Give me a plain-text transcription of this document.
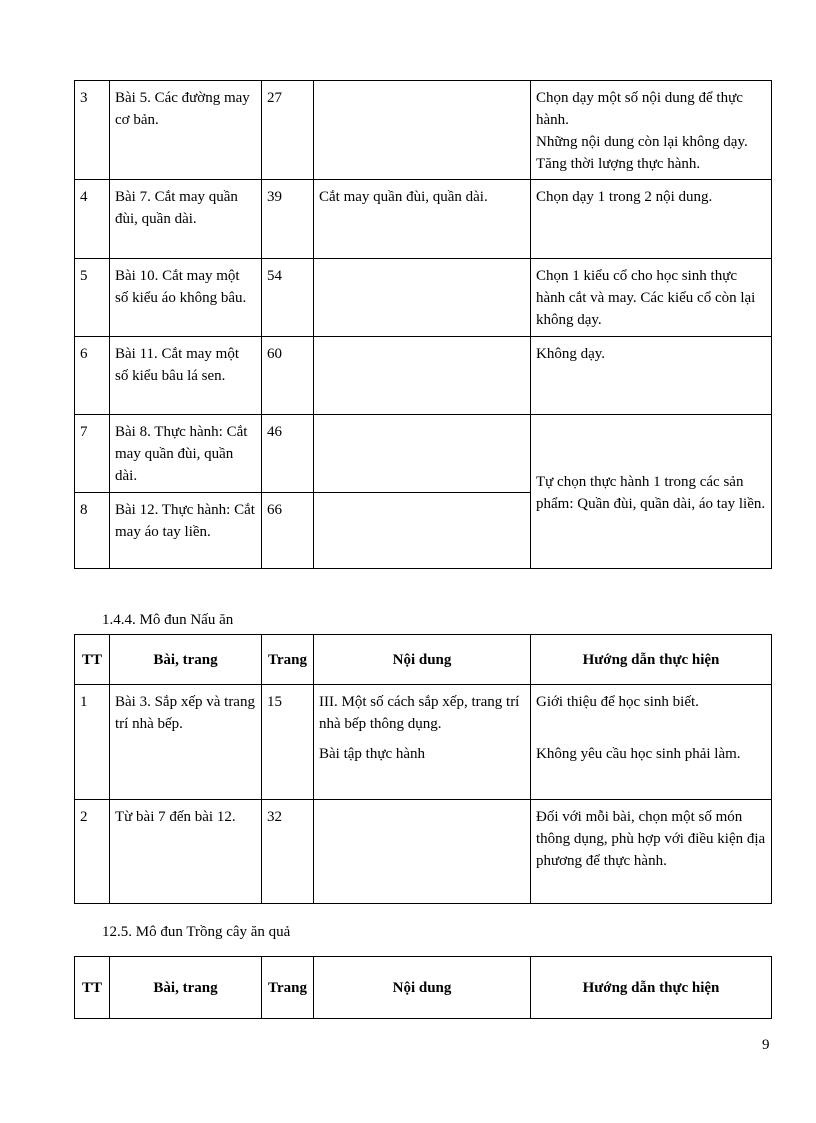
3	Bài 5. Các đường may cơ bản.	27		Chọn dạy một số nội dung để thực hành.
Những nội dung còn lại không dạy.
Tăng thời lượng thực hành.

4	Bài 7. Cắt may quần đùi, quần dài.	39	Cắt may quần đùi, quần dài.	Chọn dạy 1 trong 2 nội dung.
5	Bài 10. Cắt may một số kiểu áo không bâu.	54		Chọn 1 kiểu cổ cho học sinh thực hành cắt và may. Các kiểu cổ còn lại không dạy.
6	Bài 11. Cắt may một số kiểu bâu lá sen.	60		Không dạy.
7	Bài 8. Thực hành: Cắt may quần đùi, quần dài.	46		Tự chọn thực hành 1 trong các sản phẩm: Quần đùi, quần dài, áo tay liền.
8	Bài 12. Thực hành: Cắt may áo tay liền.	66		
1.4.4. Mô đun Nấu ăn
TT	Bài, trang	Trang	Nội dung	Hướng dẫn thực hiện
1	Bài 3. Sắp xếp và trang trí nhà bếp.	15	III. Một số cách sắp xếp, trang trí nhà bếp thông dụng.
Bài tập thực hành	Giới thiệu để học sinh biết.
Không yêu cầu học sinh phải làm.

2	Từ bài 7 đến bài 12.	32		Đối với mỗi bài, chọn một số món thông dụng, phù hợp với điều kiện địa phương để thực hành.
12.5. Mô đun Trồng cây ăn quả
TT	Bài, trang	Trang	Nội dung	Hướng dẫn thực hiện
9
